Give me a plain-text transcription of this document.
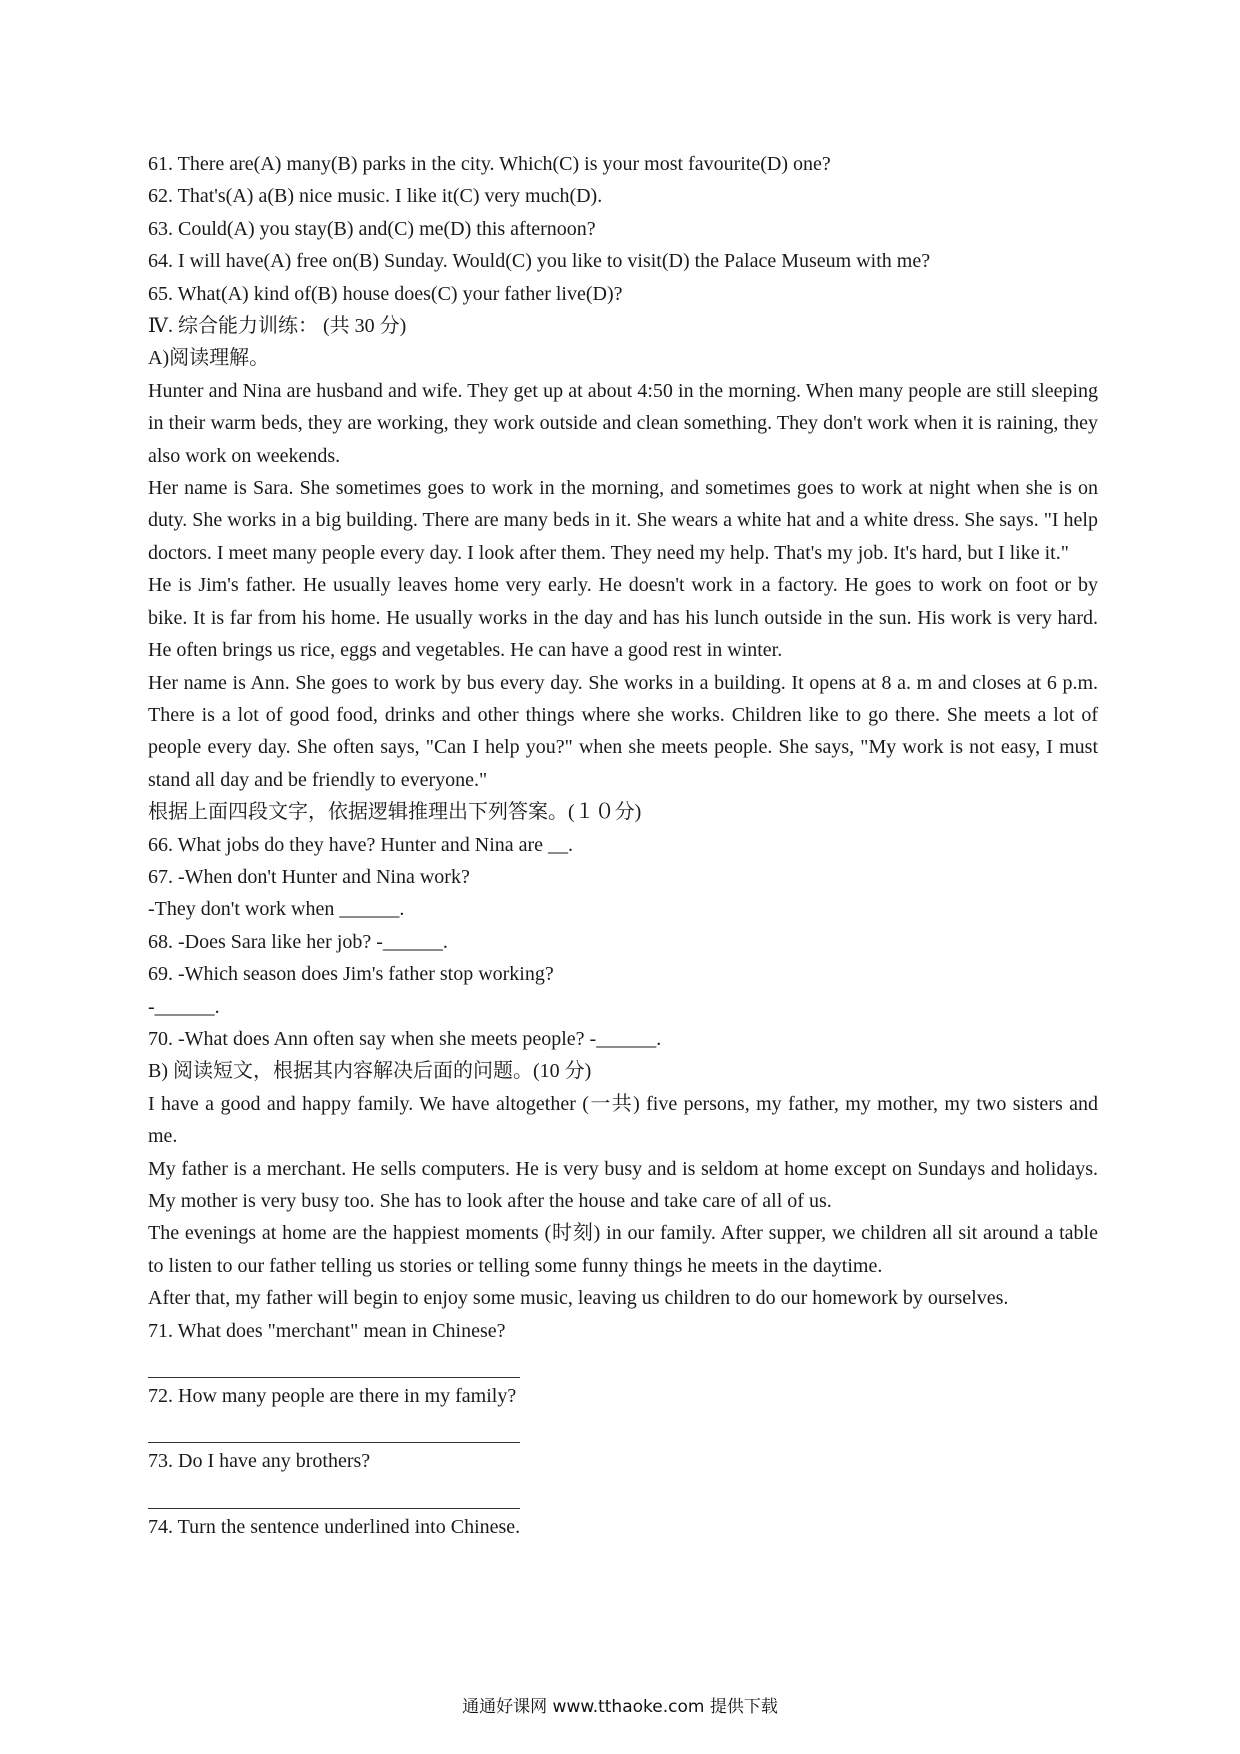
61. There are(A) many(B) parks in the city. Which(C) is your most favourite(D) one?
62. That's(A) a(B) nice music. I like it(C) very much(D).
63. Could(A) you stay(B) and(C) me(D) this afternoon?
64. I will have(A) free on(B) Sunday. Would(C) you like to visit(D) the Palace Museum with me?
65. What(A) kind of(B) house does(C) your father live(D)?
Ⅳ. 综合能力训练： (共 30 分)
A)阅读理解。
Hunter and Nina are husband and wife. They get up at about 4:50 in the morning. When many people are still sleeping in their warm beds, they are working, they work outside and clean something. They don't work when it is raining, they also work on weekends.
Her name is Sara. She sometimes goes to work in the morning, and sometimes goes to work at night when she is on duty. She works in a big building. There are many beds in it. She wears a white hat and a white dress. She says. "I help doctors. I meet many people every day. I look after them. They need my help. That's my job. It's hard, but I like it."
He is Jim's father. He usually leaves home very early. He doesn't work in a factory. He goes to work on foot or by bike. It is far from his home. He usually works in the day and has his lunch outside in the sun. His work is very hard. He often brings us rice, eggs and vegetables. He can have a good rest in winter.
Her name is Ann. She goes to work by bus every day. She works in a building. It opens at 8 a. m and closes at 6 p.m. There is a lot of good food, drinks and other things where she works. Children like to go there. She meets a lot of people every day. She often says, "Can I help you?" when she meets people. She says, "My work is not easy, I must stand all day and be friendly to everyone."
根据上面四段文字，依据逻辑推理出下列答案。(１０分)
66. What jobs do they have? Hunter and Nina are __.
67. -When don't Hunter and Nina work?
-They don't work when ______.
68. -Does Sara like her job? -______.
69. -Which season does Jim's father stop working?
-______.
70. -What does Ann often say when she meets people? -______.
B) 阅读短文，根据其内容解决后面的问题。(10 分)
I have a good and happy family. We have altogether (一共) five persons, my father, my mother, my two sisters and me.
My father is a merchant. He sells computers. He is very busy and is seldom at home except on Sundays and holidays. My mother is very busy too. She has to look after the house and take care of all of us.
The evenings at home are the happiest moments (时刻) in our family. After supper, we children all sit around a table to listen to our father telling us stories or telling some funny things he meets in the daytime.
After that, my father will begin to enjoy some music, leaving us children to do our homework by ourselves.
71. What does "merchant" mean in Chinese?
72. How many people are there in my family?
73. Do I have any brothers?
74. Turn the sentence underlined into Chinese.
通通好课网 www.tthaoke.com 提供下载
